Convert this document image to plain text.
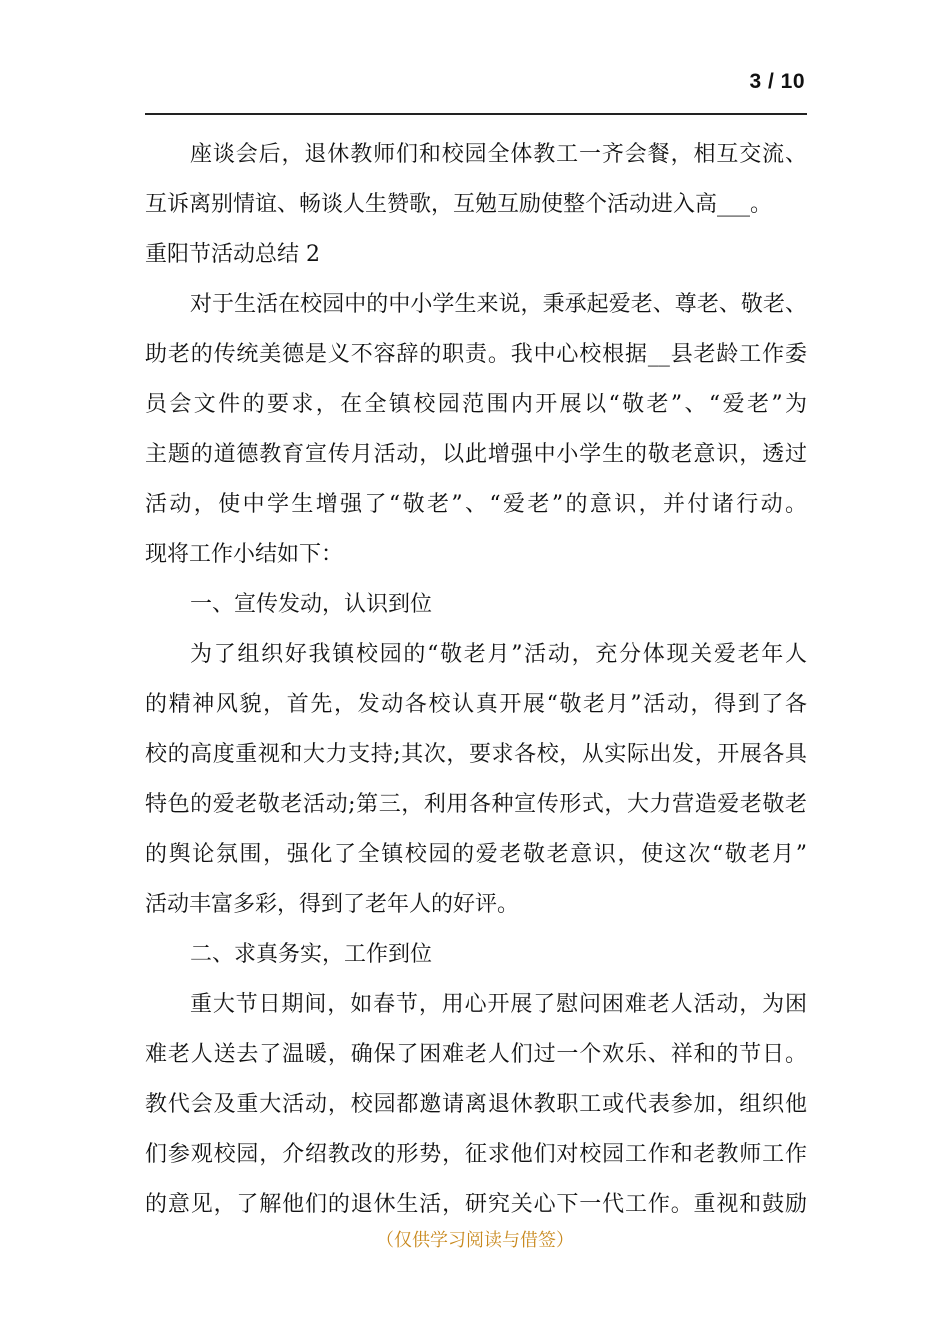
3 / 10
座谈会后，退休教师们和校园全体教工一齐会餐，相互交流、
互诉离别情谊、畅谈人生赞歌，互勉互励使整个活动进入高___。
重阳节活动总结 2
对于生活在校园中的中小学生来说，秉承起爱老、尊老、敬老、
助老的传统美德是义不容辞的职责。我中心校根据__县老龄工作委
员会文件的要求，在全镇校园范围内开展以“敬老”、“爱老”为
主题的道德教育宣传月活动，以此增强中小学生的敬老意识，透过
活动，使中学生增强了“敬老”、“爱老”的意识，并付诸行动。
现将工作小结如下：
一、宣传发动，认识到位
为了组织好我镇校园的“敬老月”活动，充分体现关爱老年人
的精神风貌，首先，发动各校认真开展“敬老月”活动，得到了各
校的高度重视和大力支持;其次，要求各校，从实际出发，开展各具
特色的爱老敬老活动;第三，利用各种宣传形式，大力营造爱老敬老
的舆论氛围，强化了全镇校园的爱老敬老意识，使这次“敬老月”
活动丰富多彩，得到了老年人的好评。
二、求真务实，工作到位
重大节日期间，如春节，用心开展了慰问困难老人活动，为困
难老人送去了温暖，确保了困难老人们过一个欢乐、祥和的节日。
教代会及重大活动，校园都邀请离退休教职工或代表参加，组织他
们参观校园，介绍教改的形势，征求他们对校园工作和老教师工作
的意见，了解他们的退休生活，研究关心下一代工作。重视和鼓励
（仅供学习阅读与借签）
